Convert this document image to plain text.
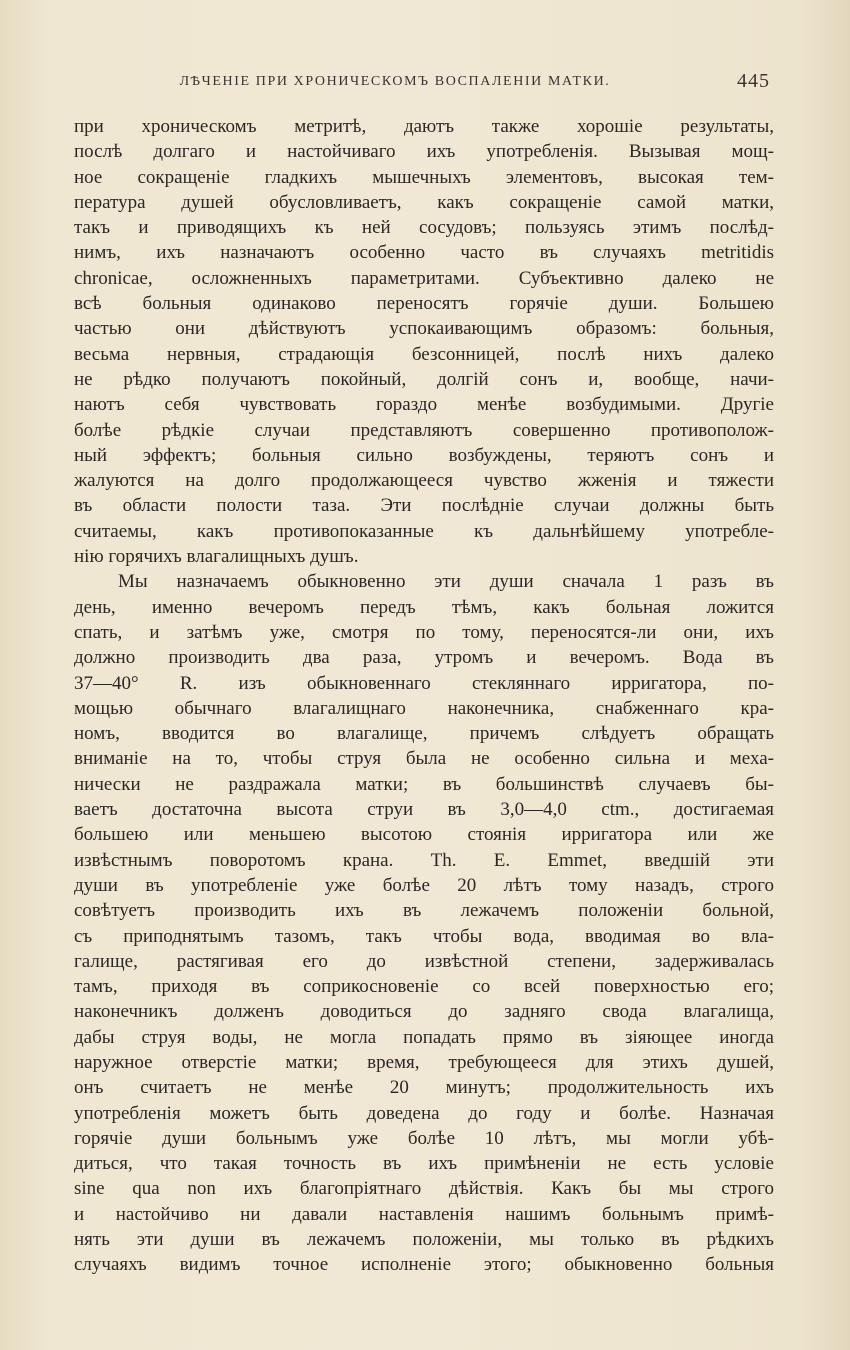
ЛѢЧЕНІЕ ПРИ ХРОНИЧЕСКОМЪ ВОСПАЛЕНІИ МАТКИ.	445
при хроническомъ метритѣ, даютъ также хорошіе результаты,
послѣ долгаго и настойчиваго ихъ употребленія. Вызывая мощ-
ное сокращеніе гладкихъ мышечныхъ элементовъ, высокая тем-
пература душей обусловливаетъ, какъ сокращеніе самой матки,
такъ и приводящихъ къ ней сосудовъ; пользуясь этимъ послѣд-
нимъ, ихъ назначаютъ особенно часто въ случаяхъ metritidis
chronicae, осложненныхъ параметритами. Субъективно далеко не
всѣ больныя одинаково переносятъ горячіе души. Большею
частью они дѣйствуютъ успокаивающимъ образомъ: больныя,
весьма нервныя, страдающія безсонницей, послѣ нихъ далеко
не рѣдко получаютъ покойный, долгій сонъ и, вообще, начи-
наютъ себя чувствовать гораздо менѣе возбудимыми. Другіе
болѣе рѣдкіе случаи представляютъ совершенно противополож-
ный эффектъ; больныя сильно возбуждены, теряютъ сонъ и
жалуются на долго продолжающееся чувство жженія и тяжести
въ области полости таза. Эти послѣдніе случаи должны быть
считаемы, какъ противопоказанные къ дальнѣйшему употребле-
нію горячихъ влагалищныхъ душъ.
Мы назначаемъ обыкновенно эти души сначала 1 разъ въ
день, именно вечеромъ передъ тѣмъ, какъ больная ложится
спать, и затѣмъ уже, смотря по тому, переносятся-ли они, ихъ
должно производить два раза, утромъ и вечеромъ. Вода въ
37—40° R. изъ обыкновеннаго стекляннаго ирригатора, по-
мощью обычнаго влагалищнаго наконечника, снабженнаго кра-
номъ, вводится во влагалище, причемъ слѣдуетъ обращать
вниманіе на то, чтобы струя была не особенно сильна и меха-
нически не раздражала матки; въ большинствѣ случаевъ бы-
ваетъ достаточна высота струи въ 3,0—4,0 ctm., достигаемая
большею или меньшею высотою стоянія ирригатора или же
извѣстнымъ поворотомъ крана. Th. E. Emmet, введшій эти
души въ употребленіе уже болѣе 20 лѣтъ тому назадъ, строго
совѣтуетъ производить ихъ въ лежачемъ положеніи больной,
съ приподнятымъ тазомъ, такъ чтобы вода, вводимая во вла-
галище, растягивая его до извѣстной степени, задерживалась
тамъ, приходя въ соприкосновеніе со всей поверхностью его;
наконечникъ долженъ доводиться до задняго свода влагалища,
дабы струя воды, не могла попадать прямо въ зіяющее иногда
наружное отверстіе матки; время, требующееся для этихъ душей,
онъ считаетъ не менѣе 20 минутъ; продолжительность ихъ
употребленія можетъ быть доведена до году и болѣе. Назначая
горячіе души больнымъ уже болѣе 10 лѣтъ, мы могли убѣ-
диться, что такая точность въ ихъ примѣненіи не есть условіе
sine qua non ихъ благопріятнаго дѣйствія. Какъ бы мы строго
и настойчиво ни давали наставленія нашимъ больнымъ примѣ-
нять эти души въ лежачемъ положеніи, мы только въ рѣдкихъ
случаяхъ видимъ точное исполненіе этого; обыкновенно больныя
